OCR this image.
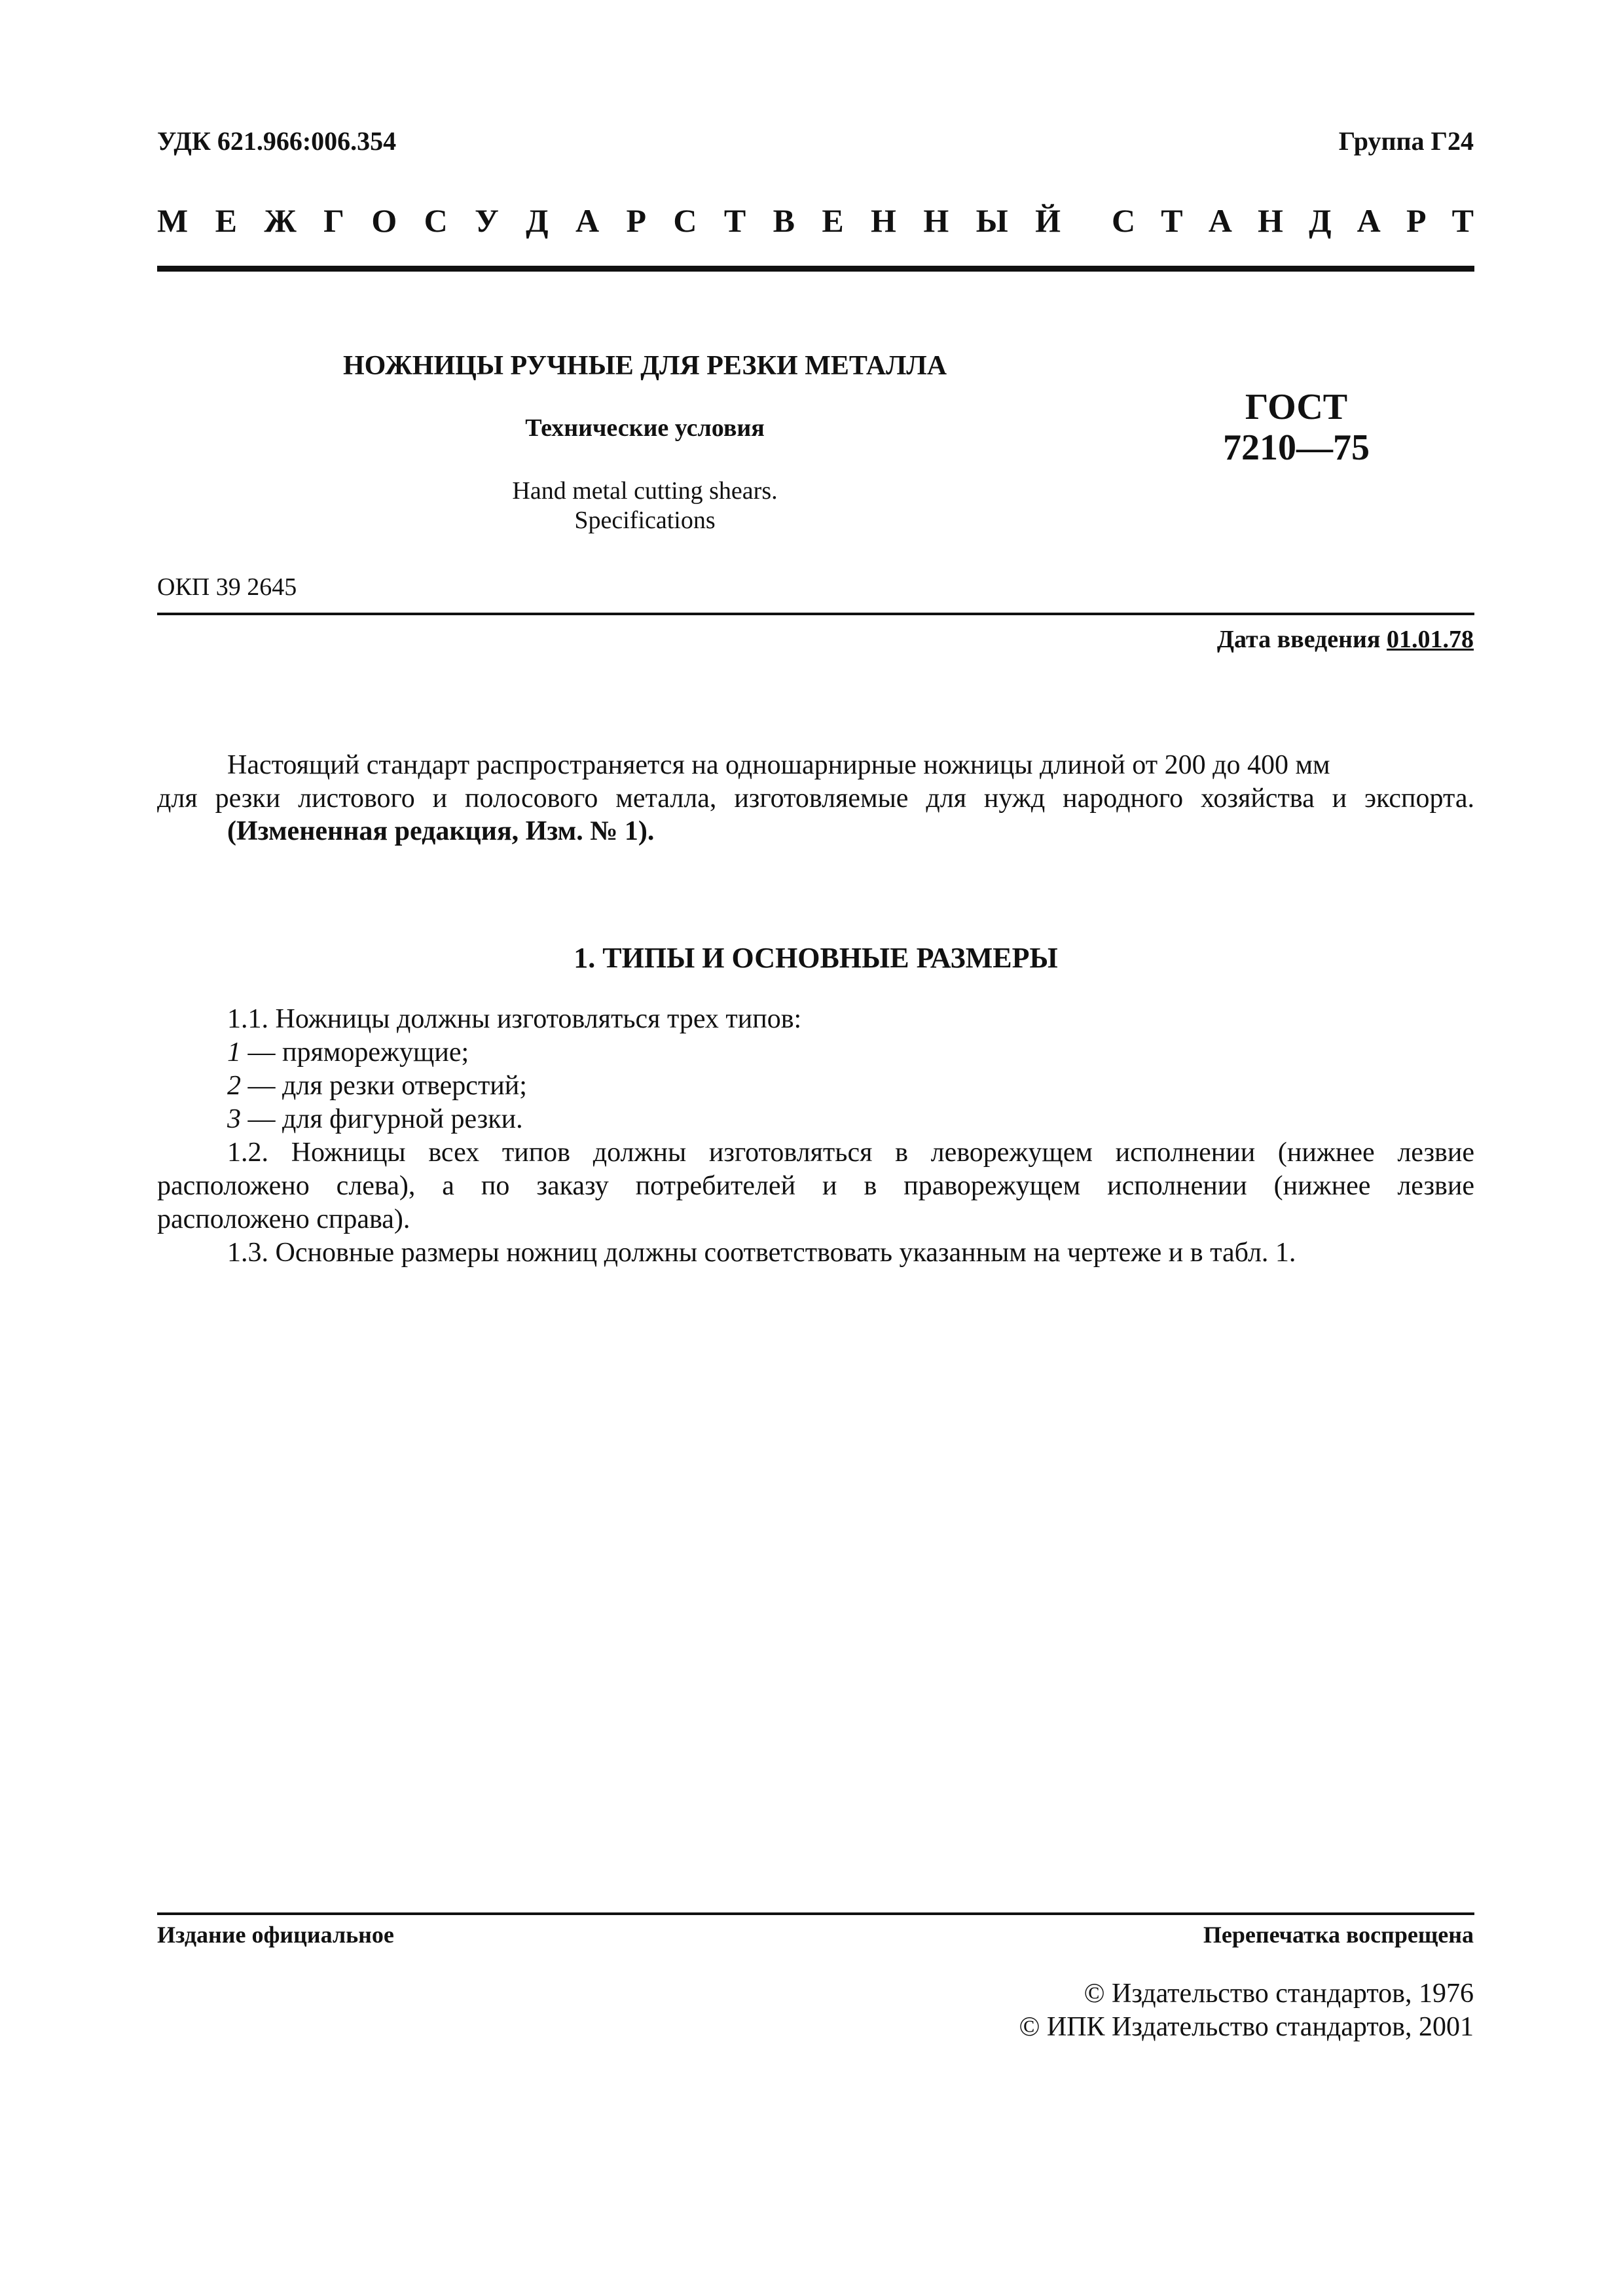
УДК 621.966:006.354	Группа Г24

М Е Ж Г О С У Д А Р С Т В Е Н Н Ы Й С Т А Н Д А Р Т

НОЖНИЦЫ РУЧНЫЕ ДЛЯ РЕЗКИ МЕТАЛЛА

Технические условия

Hand metal cutting shears.

Specifications

ГОСТ

7210—75

ОКП 39 2645

Дата введения 01.01.78

Настоящий стандарт распространяется на одношарнирные ножницы длиной от 200 до 400 мм

для резки листового и полосового металла, изготовляемые для нужд народного хозяйства и экспорта.

(Измененная редакция, Изм. № 1).

1. ТИПЫ И ОСНОВНЫЕ РАЗМЕРЫ

1.1. Ножницы должны изготовляться трех типов:

1 — пряморежущие;

2 — для резки отверстий;

3 — для фигурной резки.

1.2. Ножницы всех типов должны изготовляться в леворежущем исполнении (нижнее лезвие

расположено слева), а по заказу потребителей и в праворежущем исполнении (нижнее лезвие

расположено справа).

1.3. Основные размеры ножниц должны соответствовать указанным на чертеже и в табл. 1.

Издание официальное	Перепечатка воспрещена

© Издательство стандартов, 1976

© ИПК Издательство стандартов, 2001
